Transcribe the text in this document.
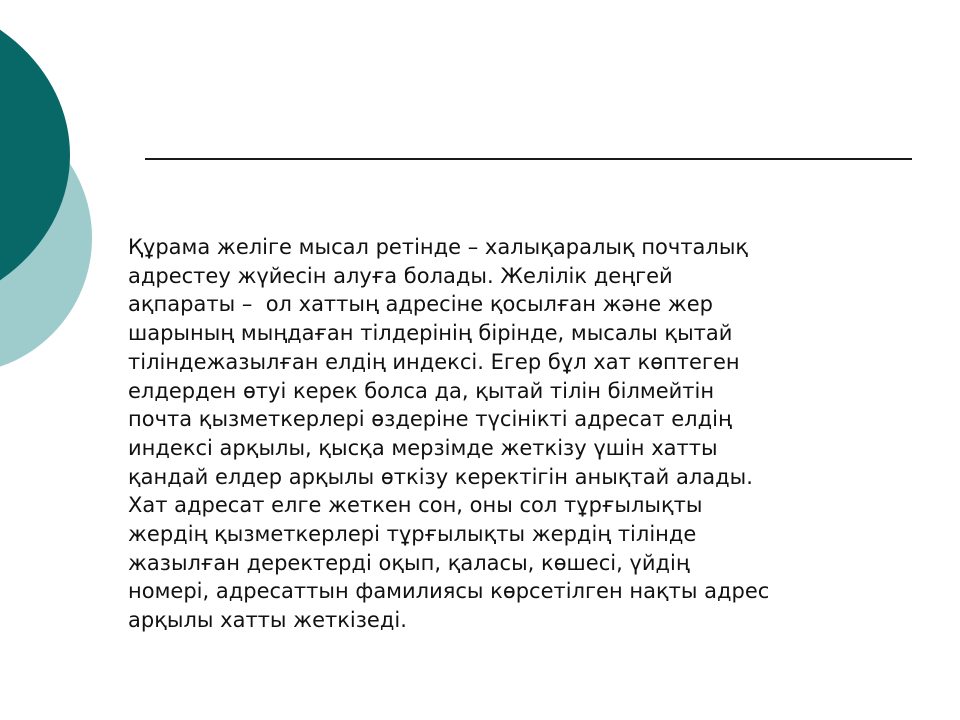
Құрама желіге мысал ретінде – халықаралық почталық
адрестеу жүйесін алуға болады. Желілік деңгей
ақпараты –  ол хаттың адресіне қосылған және жер
шарының мыңдаған тілдерінің бірінде, мысалы қытай
тіліндежазылған елдің индексі. Егер бұл хат көптеген
елдерден өтуі керек болса да, қытай тілін білмейтін
почта қызметкерлері өздеріне түсінікті адресат елдің
индексі арқылы, қысқа мерзімде жеткізу үшін хатты
қандай елдер арқылы өткізу керектігін анықтай алады.
Хат адресат елге жеткен сон, оны сол тұрғылықты
жердің қызметкерлері тұрғылықты жердің тілінде
жазылған деректерді оқып, қаласы, көшесі, үйдің
номері, адресаттын фамилиясы көрсетілген нақты адрес
арқылы хатты жеткізеді.
